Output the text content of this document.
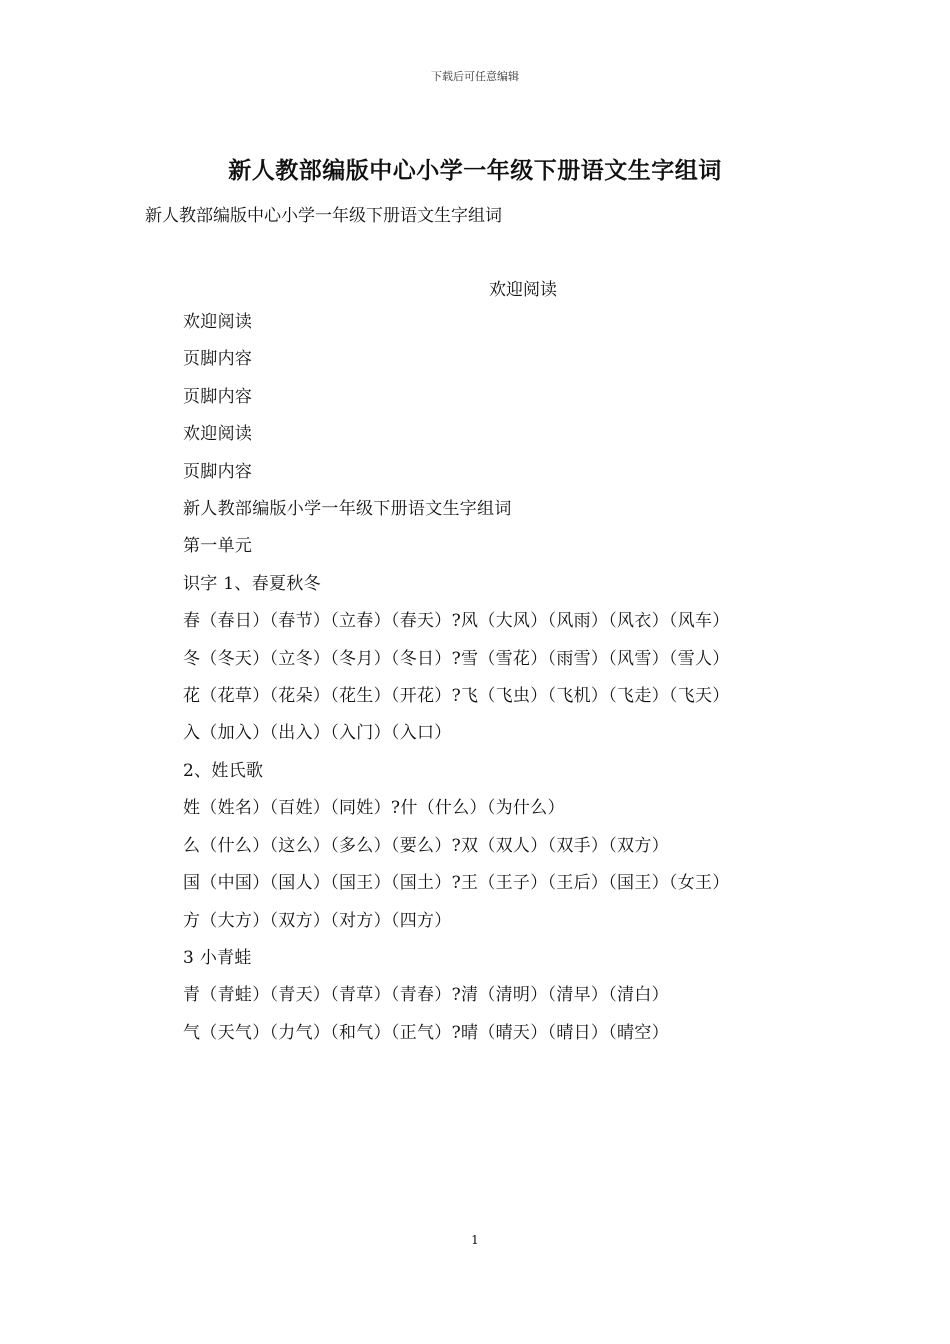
下载后可任意编辑
新人教部编版中心小学一年级下册语文生字组词
新人教部编版中心小学一年级下册语文生字组词
欢迎阅读

欢迎阅读

页脚内容

页脚内容

欢迎阅读

页脚内容

新人教部编版小学一年级下册语文生字组词

第一单元

识字 1、春夏秋冬

春（春日）（春节）（立春）（春天）?风（大风）（风雨）（风衣）（风车）

冬（冬天）（立冬）（冬月）（冬日）?雪（雪花）（雨雪）（风雪）（雪人）

花（花草）（花朵）（花生）（开花）?飞（飞虫）（飞机）（飞走）（飞天）

入（加入）（出入）（入门）（入口）

2、姓氏歌

姓（姓名）（百姓）（同姓）?什（什么）（为什么）

么（什么）（这么）（多么）（要么）?双（双人）（双手）（双方）

国（中国）（国人）（国王）（国土）?王（王子）（王后）（国王）（女王）

方（大方）（双方）（对方）（四方）

3 小青蛙

青（青蛙）（青天）（青草）（青春）?清（清明）（清早）（清白）

气（天气）（力气）（和气）（正气）?晴（晴天）（晴日）（晴空）

1
